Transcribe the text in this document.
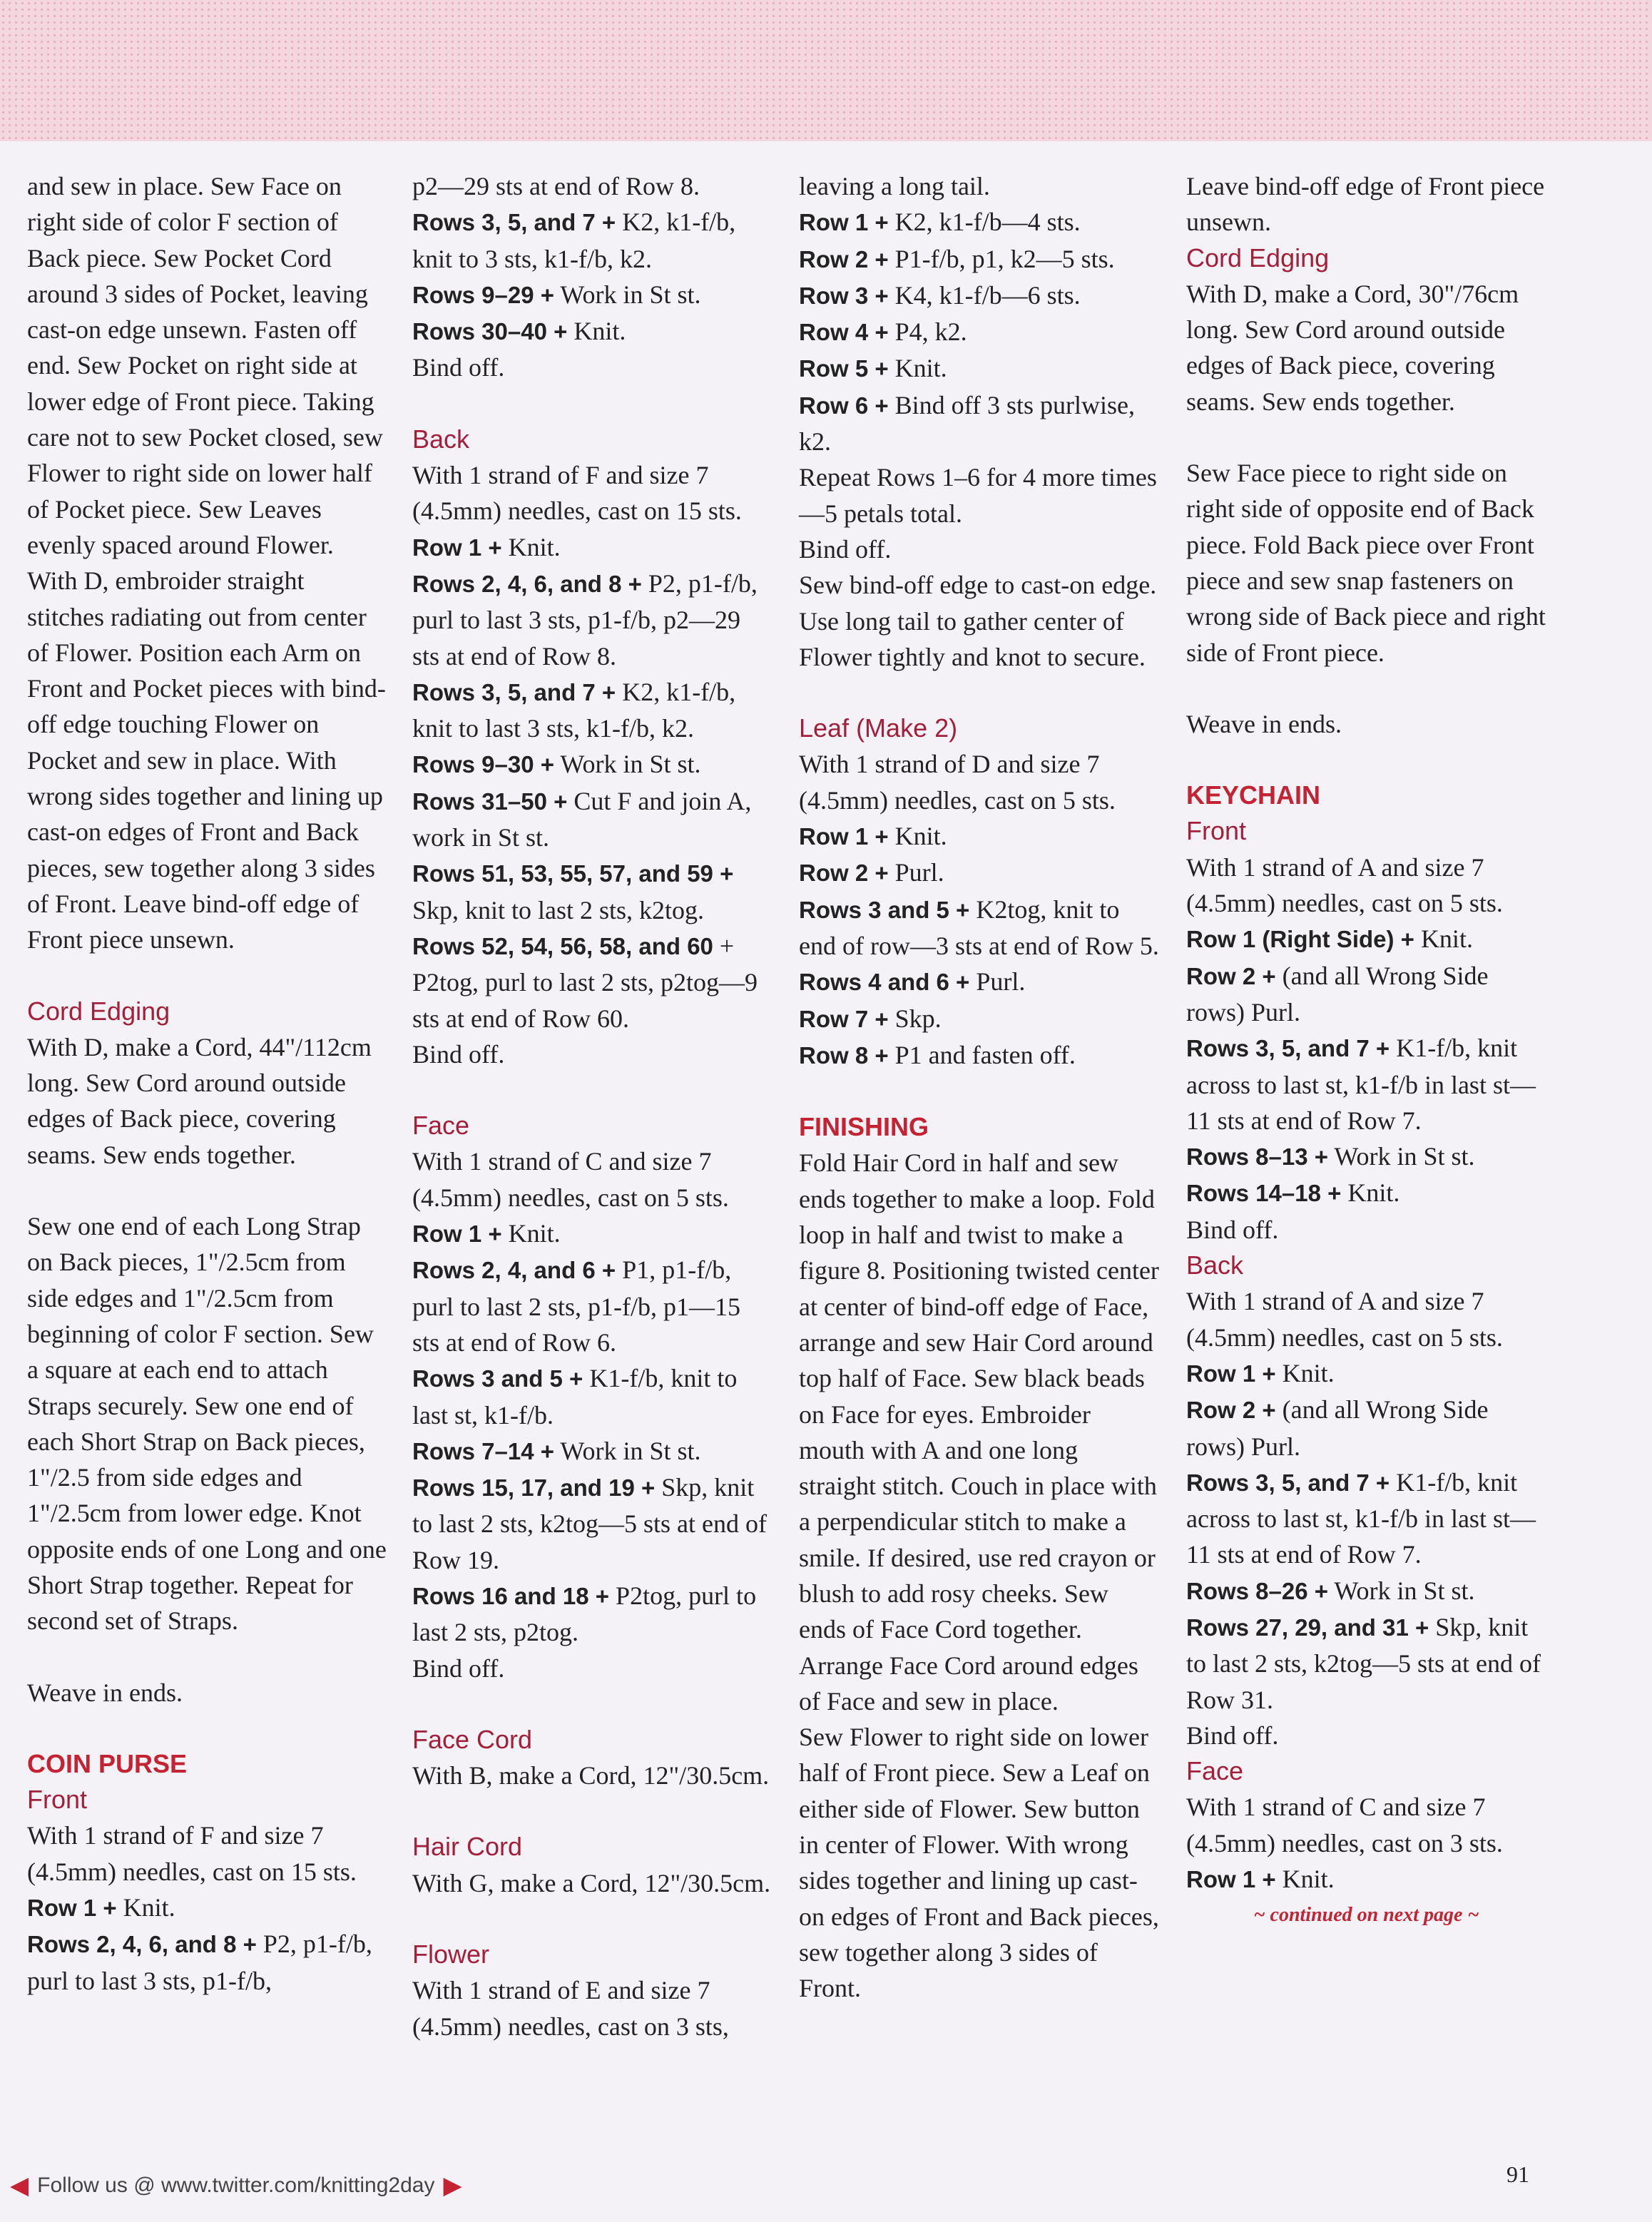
and sew in place. Sew Face on right side of color F section of Back piece. Sew Pocket Cord around 3 sides of Pocket, leaving cast-on edge unsewn. Fasten off end. Sew Pocket on right side at lower edge of Front piece. Taking care not to sew Pocket closed, sew Flower to right side on lower half of Pocket piece. Sew Leaves evenly spaced around Flower. With D, embroider straight stitches radiating out from center of Flower. Position each Arm on Front and Pocket pieces with bind-off edge touching Flower on Pocket and sew in place. With wrong sides together and lining up cast-on edges of Front and Back pieces, sew together along 3 sides of Front. Leave bind-off edge of Front piece unsewn.

Cord Edging

With D, make a Cord, 44"/112cm long. Sew Cord around outside edges of Back piece, covering seams. Sew ends together.

Sew one end of each Long Strap on Back pieces, 1"/2.5cm from side edges and 1"/2.5cm from beginning of color F section. Sew a square at each end to attach Straps securely. Sew one end of each Short Strap on Back pieces, 1"/2.5 from side edges and 1"/2.5cm from lower edge. Knot opposite ends of one Long and one Short Strap together. Repeat for second set of Straps.

Weave in ends.

COIN PURSE
Front

With 1 strand of F and size 7 (4.5mm) needles, cast on 15 sts.

Row 1 + Knit.

Rows 2, 4, 6, and 8 + P2, p1-f/b, purl to last 3 sts, p1-f/b,

p2—29 sts at end of Row 8.

Rows 3, 5, and 7 + K2, k1-f/b, knit to 3 sts, k1-f/b, k2.

Rows 9–29 + Work in St st.

Rows 30–40 + Knit.

Bind off.

Back

With 1 strand of F and size 7 (4.5mm) needles, cast on 15 sts.

Row 1 + Knit.

Rows 2, 4, 6, and 8 + P2, p1-f/b, purl to last 3 sts, p1-f/b, p2—29 sts at end of Row 8.

Rows 3, 5, and 7 + K2, k1-f/b, knit to last 3 sts, k1-f/b, k2.

Rows 9–30 + Work in St st.

Rows 31–50 + Cut F and join A, work in St st.

Rows 51, 53, 55, 57, and 59 + Skp, knit to last 2 sts, k2tog.

Rows 52, 54, 56, 58, and 60 + P2tog, purl to last 2 sts, p2tog—9 sts at end of Row 60.

Bind off.

Face

With 1 strand of C and size 7 (4.5mm) needles, cast on 5 sts.

Row 1 + Knit.

Rows 2, 4, and 6 + P1, p1-f/b, purl to last 2 sts, p1-f/b, p1—15 sts at end of Row 6.

Rows 3 and 5 + K1-f/b, knit to last st, k1-f/b.

Rows 7–14 + Work in St st.

Rows 15, 17, and 19 + Skp, knit to last 2 sts, k2tog—5 sts at end of Row 19.

Rows 16 and 18 + P2tog, purl to last 2 sts, p2tog.

Bind off.

Face Cord

With B, make a Cord, 12"/30.5cm.

Hair Cord

With G, make a Cord, 12"/30.5cm.

Flower

With 1 strand of E and size 7 (4.5mm) needles, cast on 3 sts,

leaving a long tail.

Row 1 + K2, k1-f/b—4 sts.

Row 2 + P1-f/b, p1, k2—5 sts.

Row 3 + K4, k1-f/b—6 sts.

Row 4 + P4, k2.

Row 5 + Knit.

Row 6 + Bind off 3 sts purlwise, k2.

Repeat Rows 1–6 for 4 more times—5 petals total.

Bind off.

Sew bind-off edge to cast-on edge. Use long tail to gather center of Flower tightly and knot to secure.

Leaf (Make 2)

With 1 strand of D and size 7 (4.5mm) needles, cast on 5 sts.

Row 1 + Knit.

Row 2 + Purl.

Rows 3 and 5 + K2tog, knit to end of row—3 sts at end of Row 5.

Rows 4 and 6 + Purl.

Row 7 + Skp.

Row 8 + P1 and fasten off.

FINISHING

Fold Hair Cord in half and sew ends together to make a loop. Fold loop in half and twist to make a figure 8. Positioning twisted center at center of bind-off edge of Face, arrange and sew Hair Cord around top half of Face. Sew black beads on Face for eyes. Embroider mouth with A and one long straight stitch. Couch in place with a perpendicular stitch to make a smile. If desired, use red crayon or blush to add rosy cheeks. Sew ends of Face Cord together. Arrange Face Cord around edges of Face and sew in place.

Sew Flower to right side on lower half of Front piece. Sew a Leaf on either side of Flower. Sew button in center of Flower. With wrong sides together and lining up cast-on edges of Front and Back pieces, sew together along 3 sides of Front.

Leave bind-off edge of Front piece unsewn.

Cord Edging

With D, make a Cord, 30"/76cm long. Sew Cord around outside edges of Back piece, covering seams. Sew ends together.

Sew Face piece to right side on right side of opposite end of Back piece. Fold Back piece over Front piece and sew snap fasteners on wrong side of Back piece and right side of Front piece.

Weave in ends.

KEYCHAIN
Front

With 1 strand of A and size 7 (4.5mm) needles, cast on 5 sts.

Row 1 (Right Side) + Knit.

Row 2 + (and all Wrong Side rows) Purl.

Rows 3, 5, and 7 + K1-f/b, knit across to last st, k1-f/b in last st—11 sts at end of Row 7.

Rows 8–13 + Work in St st.

Rows 14–18 + Knit.

Bind off.

Back

With 1 strand of A and size 7 (4.5mm) needles, cast on 5 sts.

Row 1 + Knit.

Row 2 + (and all Wrong Side rows) Purl.

Rows 3, 5, and 7 + K1-f/b, knit across to last st, k1-f/b in last st—11 sts at end of Row 7.

Rows 8–26 + Work in St st.

Rows 27, 29, and 31 + Skp, knit to last 2 sts, k2tog—5 sts at end of Row 31.

Bind off.

Face

With 1 strand of C and size 7 (4.5mm) needles, cast on 3 sts.

Row 1 + Knit.

~ continued on next page ~

◀ Follow us @ www.twitter.com/knitting2day ▶	91
